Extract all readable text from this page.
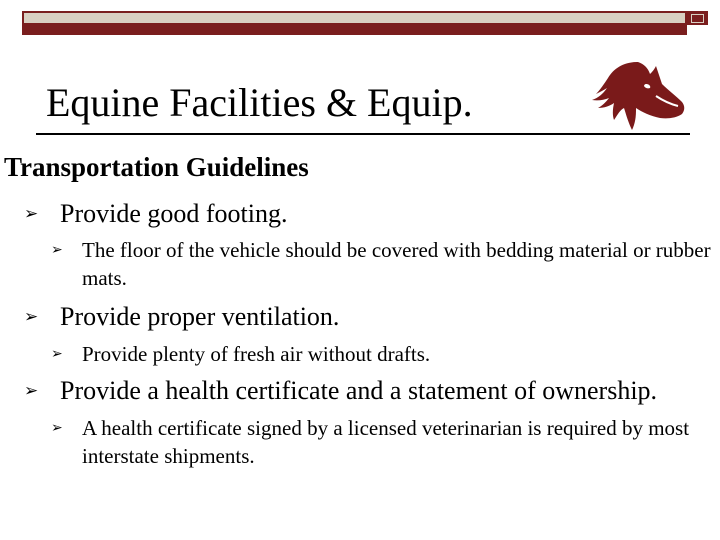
Equine Facilities & Equip.
Transportation Guidelines
➢ Provide good footing.
➢ The floor of the vehicle should be covered with bedding material or rubber mats.
➢ Provide proper ventilation.
➢ Provide plenty of fresh air without drafts.
➢ Provide a health certificate and a statement of ownership.
➢ A health certificate signed by a licensed veterinarian is required by most interstate shipments.
